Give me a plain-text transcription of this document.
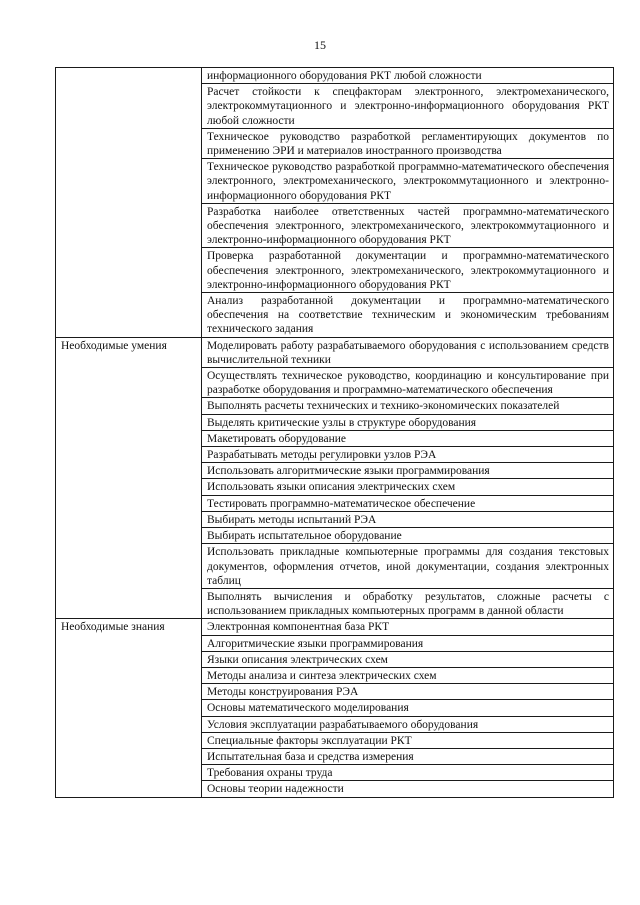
15
	информационного оборудования РКТ любой сложности
	Расчет стойкости к спецфакторам электронного, электромеханического, электрокоммутационного и электронно-информационного оборудования РКТ любой сложности
	Техническое руководство разработкой регламентирующих документов по применению ЭРИ и материалов иностранного производства
	Техническое руководство разработкой программно-математического обеспечения электронного, электромеханического, электрокоммутационного и электронно-информационного оборудования РКТ
	Разработка наиболее ответственных частей программно-математического обеспечения электронного, электромеханического, электрокоммутационного и электронно-информационного оборудования РКТ
	Проверка разработанной документации и программно-математического обеспечения электронного, электромеханического, электрокоммутационного и электронно-информационного оборудования РКТ
	Анализ разработанной документации и программно-математического обеспечения на соответствие техническим и экономическим требованиям технического задания
Необходимые умения	Моделировать работу разрабатываемого оборудования с использованием средств вычислительной техники
	Осуществлять техническое руководство, координацию и консультирование при разработке оборудования и программно-математического обеспечения
	Выполнять расчеты технических и технико-экономических показателей
	Выделять критические узлы в структуре оборудования
	Макетировать оборудование
	Разрабатывать методы регулировки узлов РЭА
	Использовать алгоритмические языки программирования
	Использовать языки описания электрических схем
	Тестировать программно-математическое обеспечение
	Выбирать методы испытаний РЭА
	Выбирать испытательное оборудование
	Использовать прикладные компьютерные программы для создания текстовых документов, оформления отчетов, иной документации, создания электронных таблиц
	Выполнять вычисления и обработку результатов, сложные расчеты с использованием прикладных компьютерных программ в данной области
Необходимые знания	Электронная компонентная база РКТ
	Алгоритмические языки программирования
	Языки описания электрических схем
	Методы анализа и синтеза электрических схем
	Методы конструирования РЭА
	Основы математического моделирования
	Условия эксплуатации разрабатываемого оборудования
	Специальные факторы эксплуатации РКТ
	Испытательная база и средства измерения
	Требования охраны труда
	Основы теории надежности
